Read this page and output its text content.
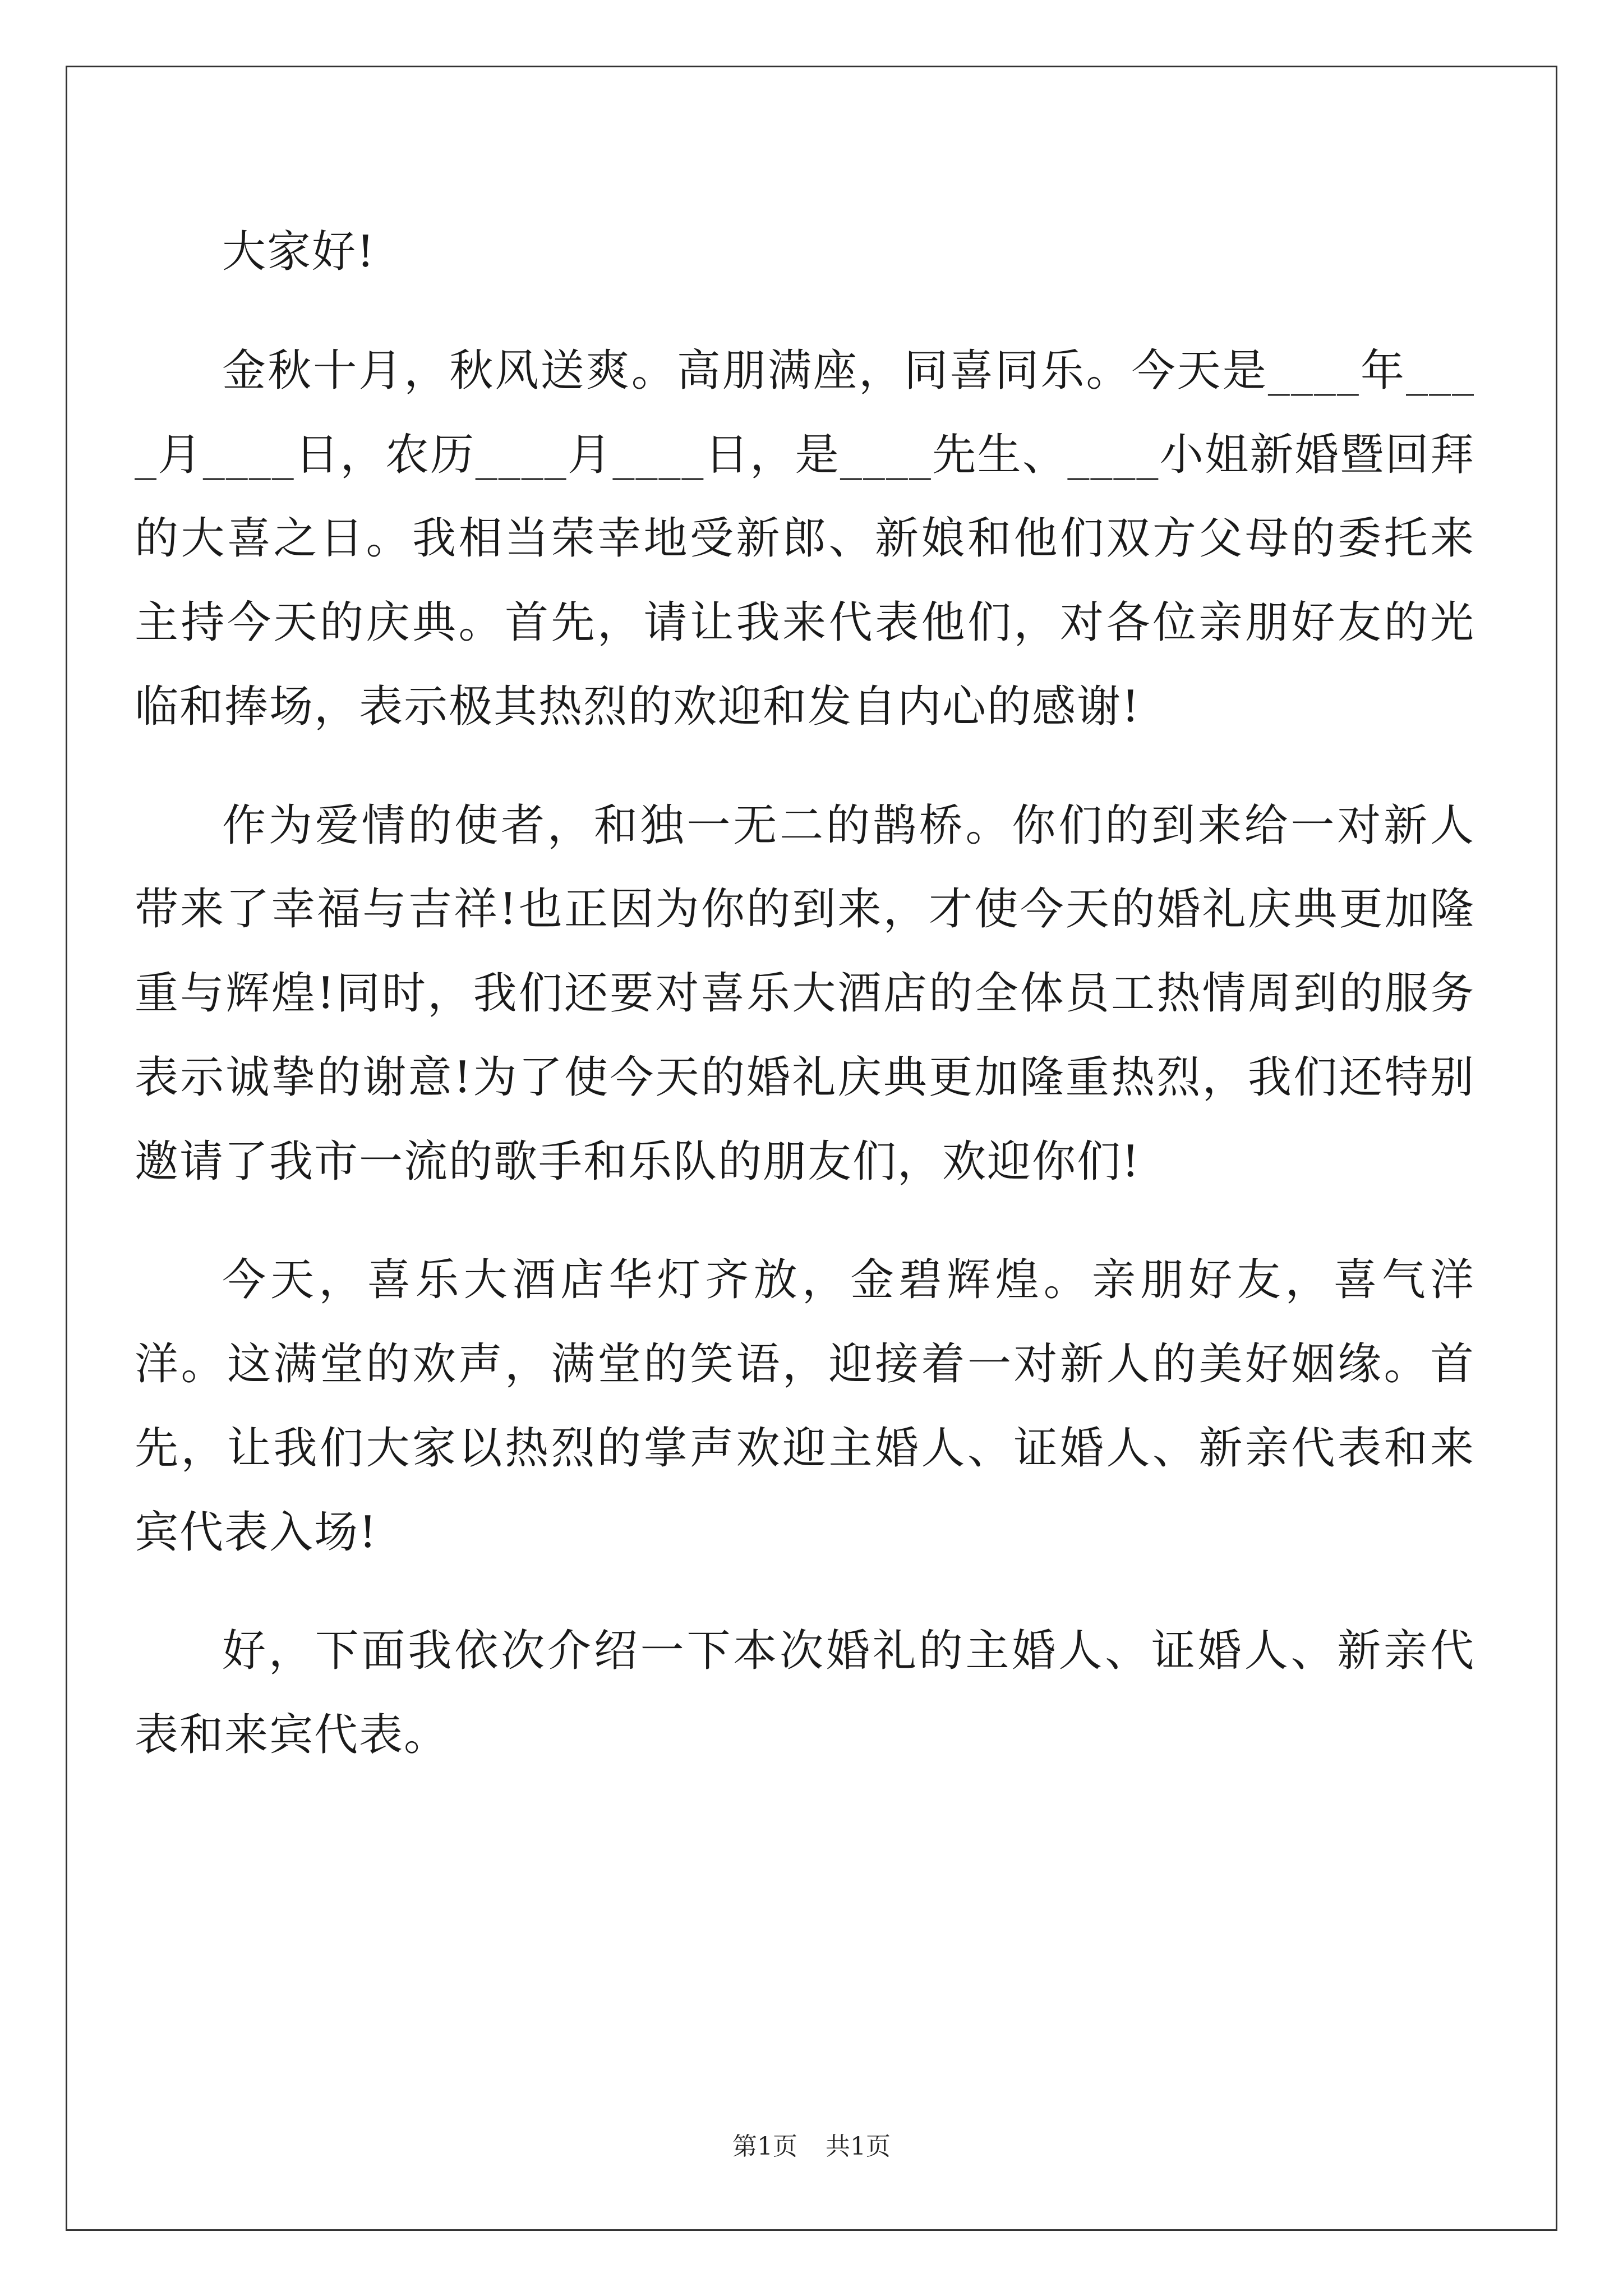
大家好!

金秋十月，秋风送爽。高朋满座，同喜同乐。今天是____年____月____日，农历____月____日，是____先生、____小姐新婚暨回拜的大喜之日。我相当荣幸地受新郎、新娘和他们双方父母的委托来主持今天的庆典。首先，请让我来代表他们，对各位亲朋好友的光临和捧场，表示极其热烈的欢迎和发自内心的感谢!

作为爱情的使者，和独一无二的鹊桥。你们的到来给一对新人带来了幸福与吉祥!也正因为你的到来，才使今天的婚礼庆典更加隆重与辉煌!同时，我们还要对喜乐大酒店的全体员工热情周到的服务表示诚挚的谢意!为了使今天的婚礼庆典更加隆重热烈，我们还特别邀请了我市一流的歌手和乐队的朋友们，欢迎你们!

今天，喜乐大酒店华灯齐放，金碧辉煌。亲朋好友，喜气洋洋。这满堂的欢声，满堂的笑语，迎接着一对新人的美好姻缘。首先，让我们大家以热烈的掌声欢迎主婚人、证婚人、新亲代表和来宾代表入场!

好，下面我依次介绍一下本次婚礼的主婚人、证婚人、新亲代表和来宾代表。

第1页 共1页
